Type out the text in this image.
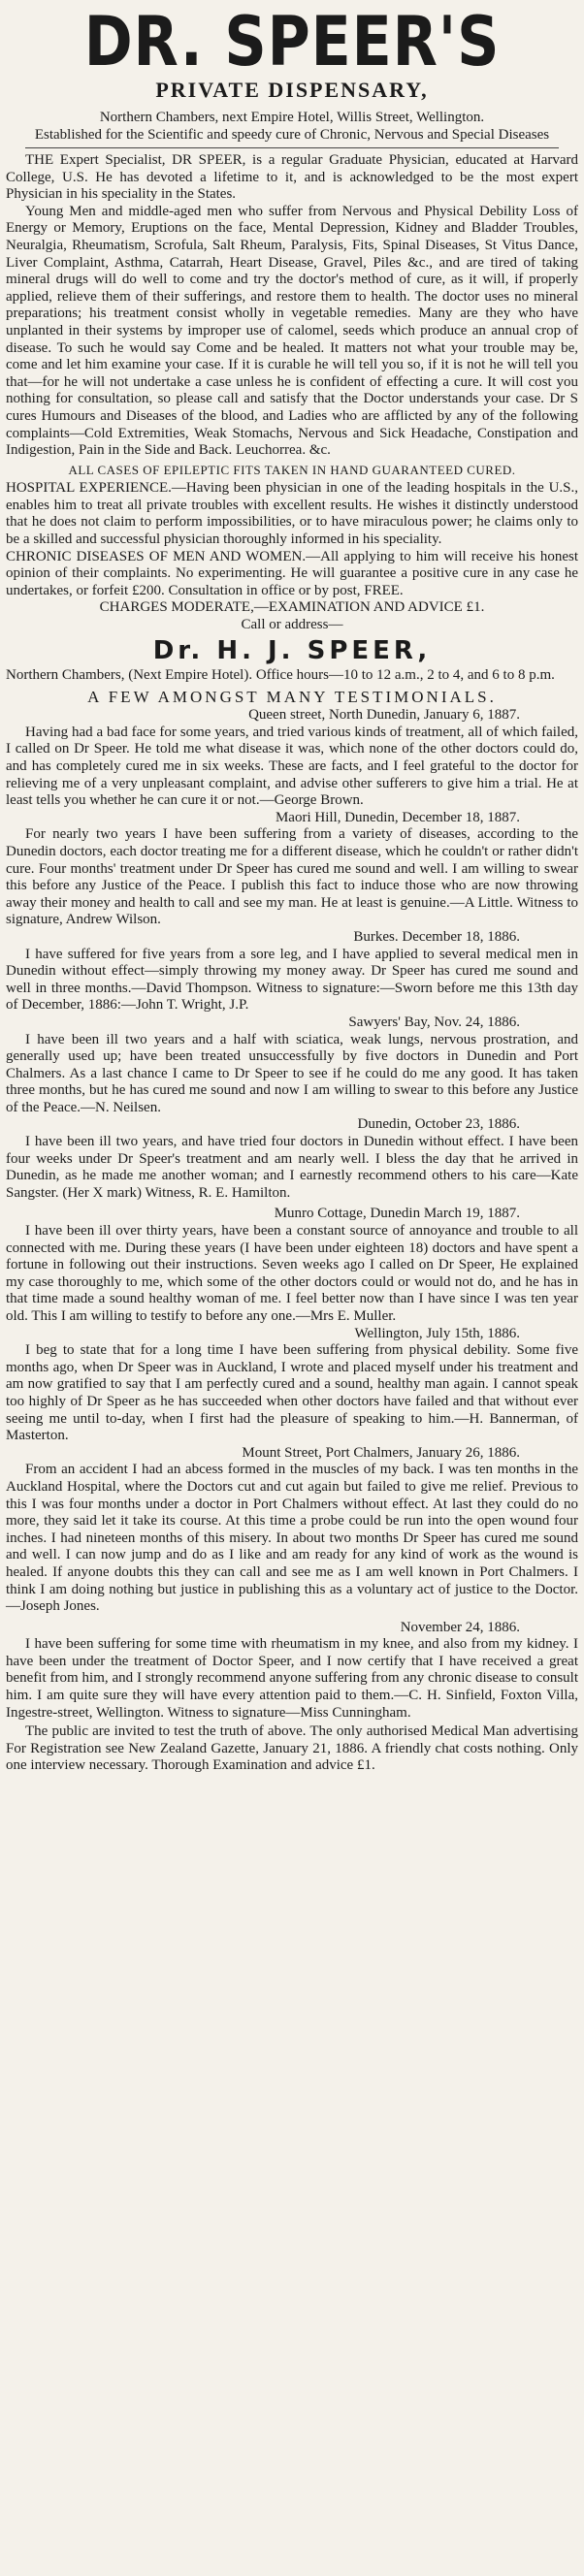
DR. SPEER'S
PRIVATE DISPENSARY,

Northern Chambers, next Empire Hotel, Willis Street, Wellington.

Established for the Scientific and speedy cure of Chronic, Nervous and Special Diseases

THE Expert Specialist, DR SPEER, is a regular Graduate Physician, educated at Harvard College, U.S. He has devoted a lifetime to it, and is acknowledged to be the most expert Physician in his speciality in the States.

Young Men and middle-aged men who suffer from Nervous and Physical Debility Loss of Energy or Memory, Eruptions on the face, Mental Depression, Kidney and Bladder Troubles, Neuralgia, Rheumatism, Scrofula, Salt Rheum, Paralysis, Fits, Spinal Diseases, St Vitus Dance, Liver Complaint, Asthma, Catarrah, Heart Disease, Gravel, Piles &c., and are tired of taking mineral drugs will do well to come and try the doctor's method of cure, as it will, if properly applied, relieve them of their sufferings, and restore them to health. The doctor uses no mineral preparations; his treatment consist wholly in vegetable remedies. Many are they who have unplanted in their systems by improper use of calomel, seeds which produce an annual crop of disease. To such he would say Come and be healed. It matters not what your trouble may be, come and let him examine your case. If it is curable he will tell you so, if it is not he will tell you that—for he will not undertake a case unless he is confident of effecting a cure. It will cost you nothing for consultation, so please call and satisfy that the Doctor understands your case. Dr S cures Humours and Diseases of the blood, and Ladies who are afflicted by any of the following complaints—Cold Extremities, Weak Stomachs, Nervous and Sick Headache, Constipation and Indigestion, Pain in the Side and Back. Leuchorrea. &c.

ALL CASES OF EPILEPTIC FITS TAKEN IN HAND GUARANTEED CURED.

HOSPITAL EXPERIENCE.—Having been physician in one of the leading hospitals in the U.S., enables him to treat all private troubles with excellent results. He wishes it distinctly understood that he does not claim to perform impossibilities, or to have miraculous power; he claims only to be a skilled and successful physician thoroughly informed in his speciality.

CHRONIC DISEASES OF MEN AND WOMEN.—All applying to him will receive his honest opinion of their complaints. No experimenting. He will guarantee a positive cure in any case he undertakes, or forfeit £200. Consultation in office or by post, FREE.

CHARGES MODERATE,—EXAMINATION AND ADVICE £1.

Call or address—

Dr. H. J. SPEER,

Northern Chambers, (Next Empire Hotel). Office hours—10 to 12 a.m., 2 to 4, and 6 to 8 p.m.

A FEW AMONGST MANY TESTIMONIALS.
Queen street, North Dunedin, January 6, 1887.

Having had a bad face for some years, and tried various kinds of treatment, all of which failed, I called on Dr Speer. He told me what disease it was, which none of the other doctors could do, and has completely cured me in six weeks. These are facts, and I feel grateful to the doctor for relieving me of a very unpleasant complaint, and advise other sufferers to give him a trial. He at least tells you whether he can cure it or not.—George Brown.

Maori Hill, Dunedin, December 18, 1887.

For nearly two years I have been suffering from a variety of diseases, according to the Dunedin doctors, each doctor treating me for a different disease, which he couldn't or rather didn't cure. Four months' treatment under Dr Speer has cured me sound and well. I am willing to swear this before any Justice of the Peace. I publish this fact to induce those who are now throwing away their money and health to call and see my man. He at least is genuine.—A Little. Witness to signature, Andrew Wilson.

Burkes. December 18, 1886.

I have suffered for five years from a sore leg, and I have applied to several medical men in Dunedin without effect—simply throwing my money away. Dr Speer has cured me sound and well in three months.—David Thompson. Witness to signature:—Sworn before me this 13th day of December, 1886:—John T. Wright, J.P.

Sawyers' Bay, Nov. 24, 1886.

I have been ill two years and a half with sciatica, weak lungs, nervous prostration, and generally used up; have been treated unsuccessfully by five doctors in Dunedin and Port Chalmers. As a last chance I came to Dr Speer to see if he could do me any good. It has taken three months, but he has cured me sound and now I am willing to swear to this before any Justice of the Peace.—N. Neilsen.

Dunedin, October 23, 1886.

I have been ill two years, and have tried four doctors in Dunedin without effect. I have been four weeks under Dr Speer's treatment and am nearly well. I bless the day that he arrived in Dunedin, as he made me another woman; and I earnestly recommend others to his care—Kate Sangster. (Her X mark) Witness, R. E. Hamilton.

Munro Cottage, Dunedin March 19, 1887.

I have been ill over thirty years, have been a constant source of annoyance and trouble to all connected with me. During these years (I have been under eighteen 18) doctors and have spent a fortune in following out their instructions. Seven weeks ago I called on Dr Speer, He explained my case thoroughly to me, which some of the other doctors could or would not do, and he has in that time made a sound healthy woman of me. I feel better now than I have since I was ten year old. This I am willing to testify to before any one.—Mrs E. Muller.

Wellington, July 15th, 1886.

I beg to state that for a long time I have been suffering from physical debility. Some five months ago, when Dr Speer was in Auckland, I wrote and placed myself under his treatment and am now gratified to say that I am perfectly cured and a sound, healthy man again. I cannot speak too highly of Dr Speer as he has succeeded when other doctors have failed and that without ever seeing me until to-day, when I first had the pleasure of speaking to him.—H. Bannerman, of Masterton.

Mount Street, Port Chalmers, January 26, 1886.

From an accident I had an abcess formed in the muscles of my back. I was ten months in the Auckland Hospital, where the Doctors cut and cut again but failed to give me relief. Previous to this I was four months under a doctor in Port Chalmers without effect. At last they could do no more, they said let it take its course. At this time a probe could be run into the open wound four inches. I had nineteen months of this misery. In about two months Dr Speer has cured me sound and well. I can now jump and do as I like and am ready for any kind of work as the wound is healed. If anyone doubts this they can call and see me as I am well known in Port Chalmers. I think I am doing nothing but justice in publishing this as a voluntary act of justice to the Doctor.—Joseph Jones.

November 24, 1886.

I have been suffering for some time with rheumatism in my knee, and also from my kidney. I have been under the treatment of Doctor Speer, and I now certify that I have received a great benefit from him, and I strongly recommend anyone suffering from any chronic disease to consult him. I am quite sure they will have every attention paid to them.—C. H. Sinfield, Foxton Villa, Ingestre-street, Wellington. Witness to signature—Miss Cunningham.

The public are invited to test the truth of above. The only authorised Medical Man advertising For Registration see New Zealand Gazette, January 21, 1886. A friendly chat costs nothing. Only one interview necessary. Thorough Examination and advice £1.
